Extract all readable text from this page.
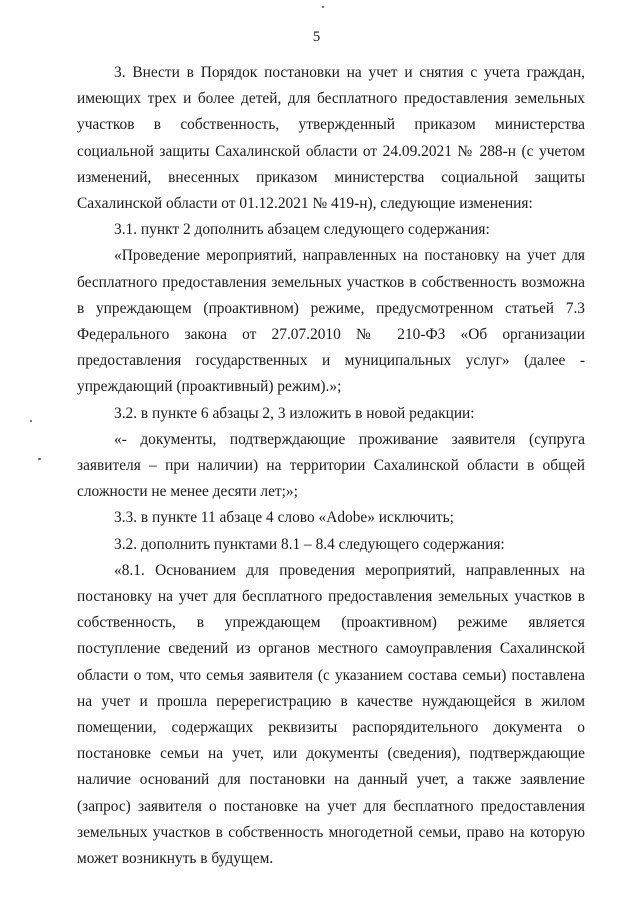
5

3. Внести в Порядок постановки на учет и снятия с учета граждан, имеющих трех и более детей, для бесплатного предоставления земельных участков в собственность, утвержденный приказом министерства социальной защиты Сахалинской области от 24.09.2021 № 288-н (с учетом изменений, внесенных приказом министерства социальной защиты Сахалинской области от 01.12.2021 № 419-н), следующие изменения:

3.1. пункт 2 дополнить абзацем следующего содержания:

«Проведение мероприятий, направленных на постановку на учет для бесплатного предоставления земельных участков в собственность возможна в упреждающем (проактивном) режиме, предусмотренном статьей 7.3 Федерального закона от 27.07.2010 № 210-ФЗ «Об организации предоставления государственных и муниципальных услуг» (далее - упреждающий (проактивный) режим).»;

3.2. в пункте 6 абзацы 2, 3 изложить в новой редакции:

«- документы, подтверждающие проживание заявителя (супруга заявителя – при наличии) на территории Сахалинской области в общей сложности не менее десяти лет;»;

3.3. в пункте 11 абзаце 4 слово «Adobe» исключить;

3.2. дополнить пунктами 8.1 – 8.4 следующего содержания:

«8.1. Основанием для проведения мероприятий, направленных на постановку на учет для бесплатного предоставления земельных участков в собственность, в упреждающем (проактивном) режиме является поступление сведений из органов местного самоуправления Сахалинской области о том, что семья заявителя (с указанием состава семьи) поставлена на учет и прошла перерегистрацию в качестве нуждающейся в жилом помещении, содержащих реквизиты распорядительного документа о постановке семьи на учет, или документы (сведения), подтверждающие наличие оснований для постановки на данный учет, а также заявление (запрос) заявителя о постановке на учет для бесплатного предоставления земельных участков в собственность многодетной семьи, право на которую может возникнуть в будущем.
